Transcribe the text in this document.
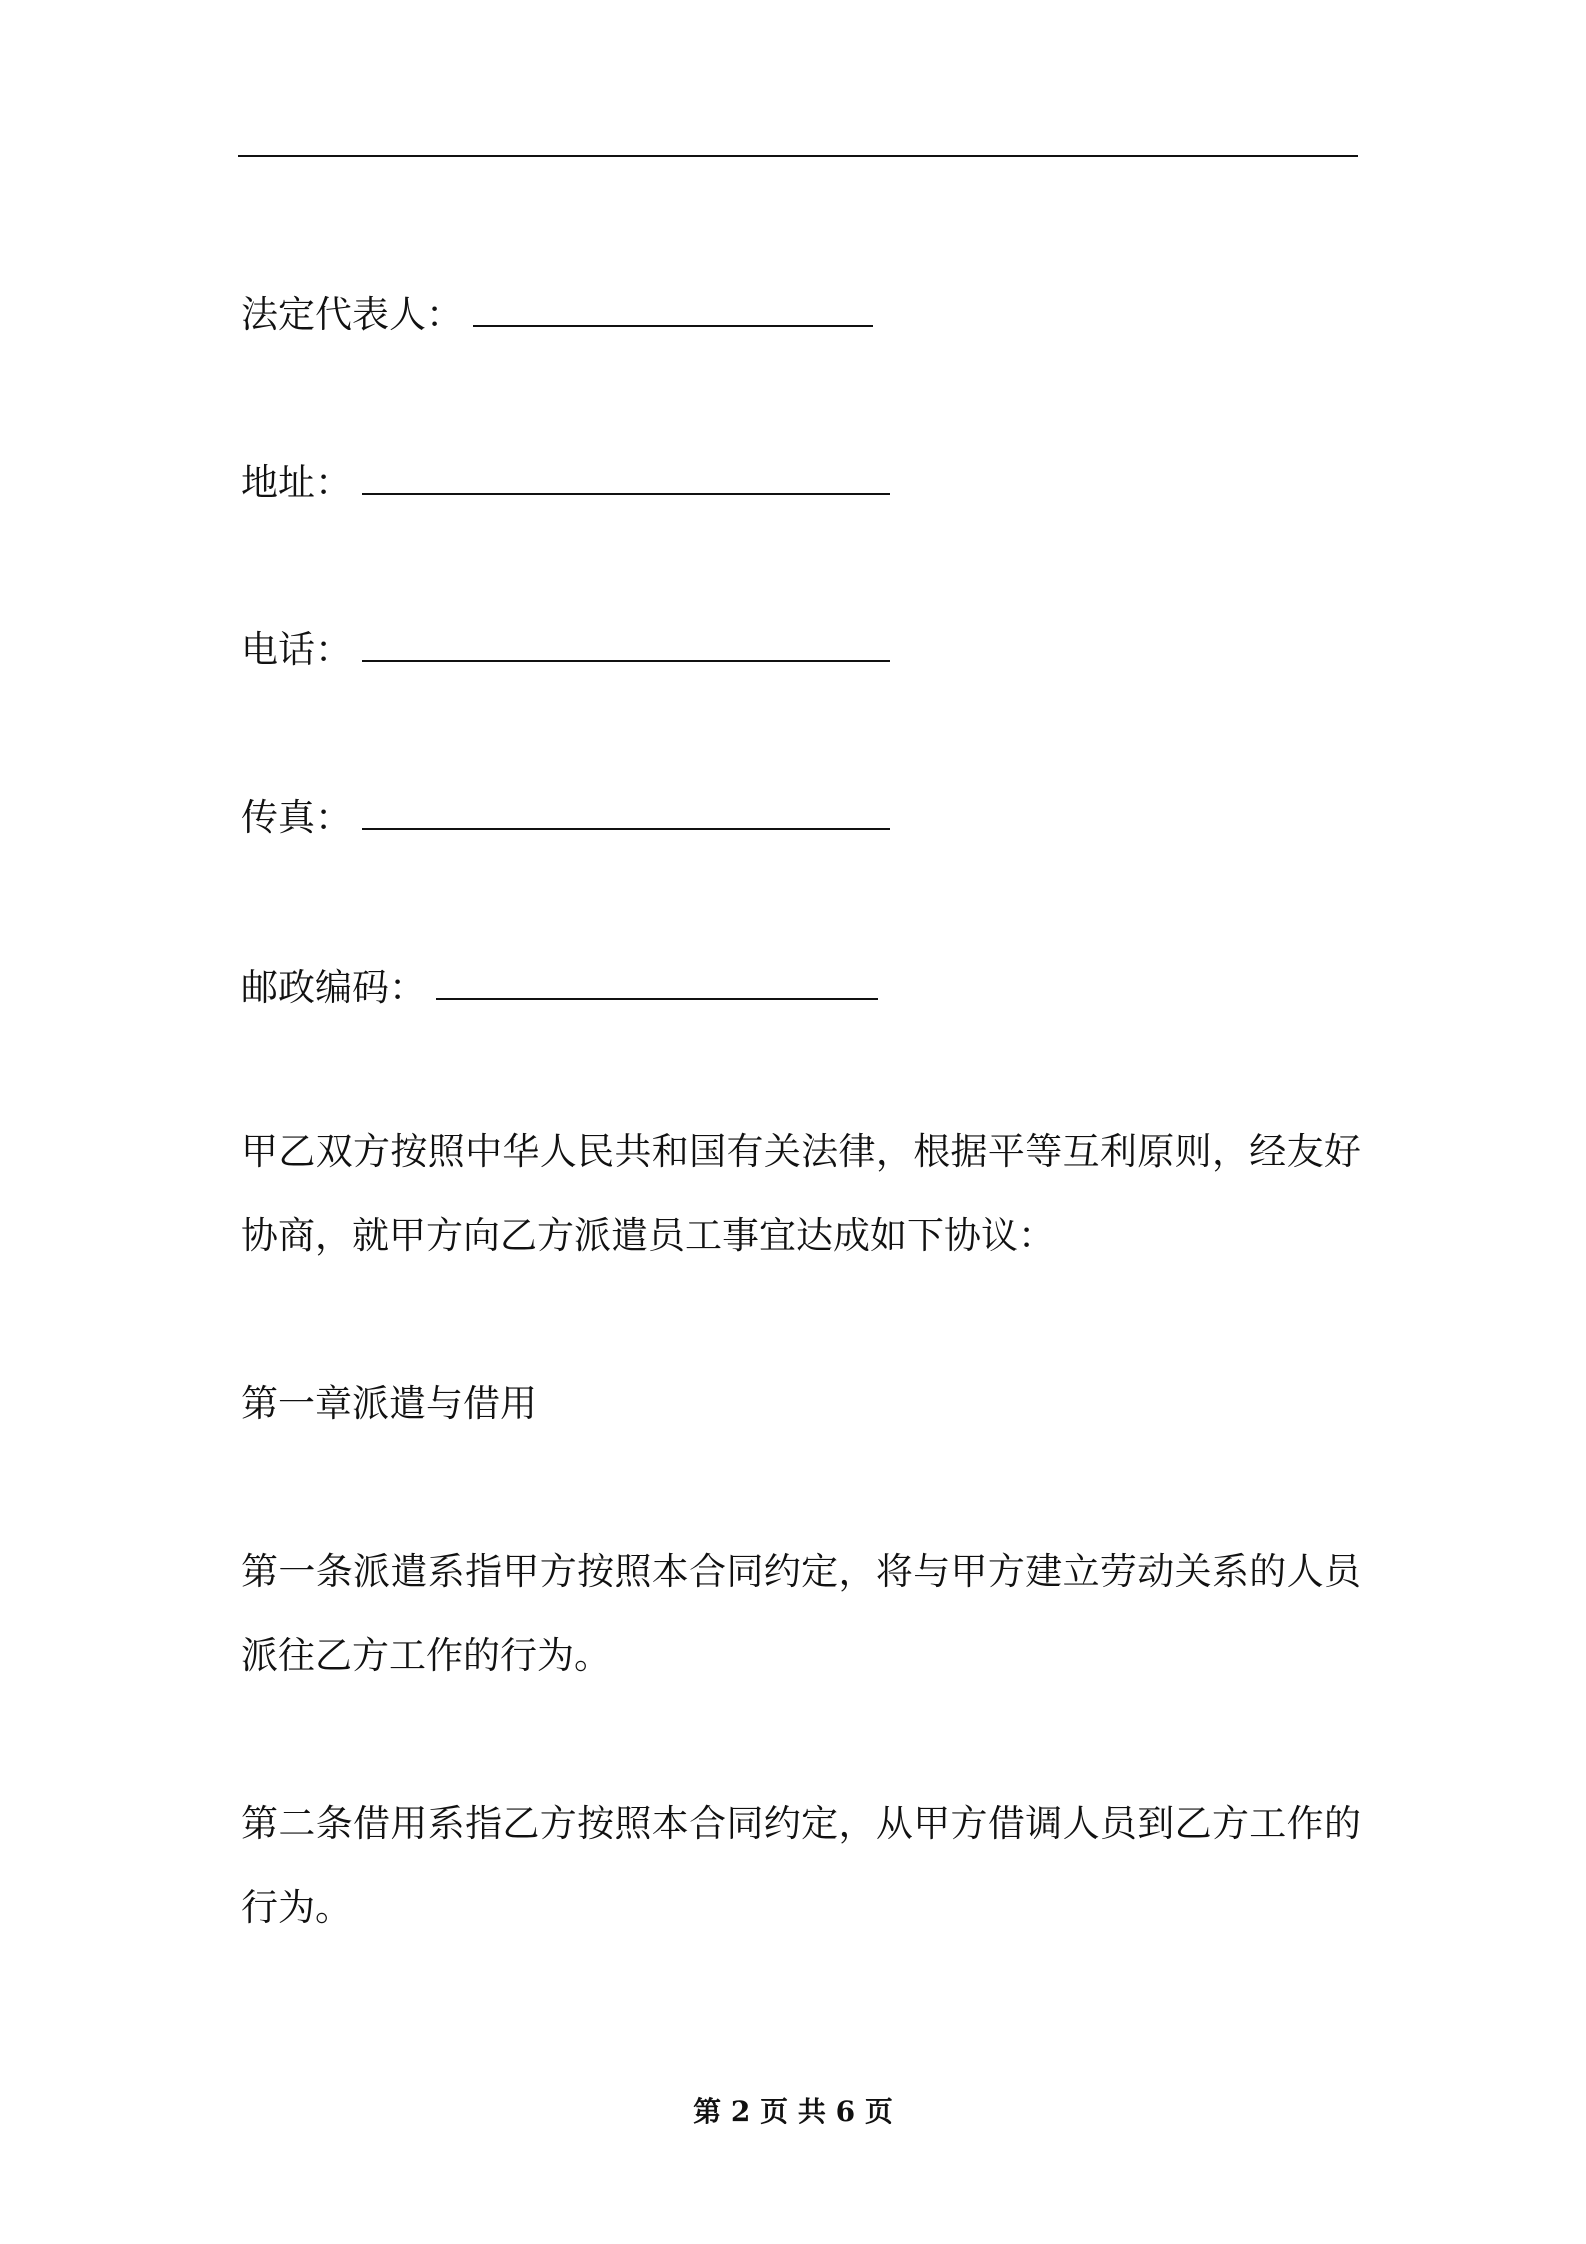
法定代表人：
地址：
电话：
传真：
邮政编码：
甲乙双方按照中华人民共和国有关法律，根据平等互利原则，经友好协商，就甲方向乙方派遣员工事宜达成如下协议：
第一章派遣与借用
第一条派遣系指甲方按照本合同约定，将与甲方建立劳动关系的人员派往乙方工作的行为。
第二条借用系指乙方按照本合同约定，从甲方借调人员到乙方工作的行为。
第 2 页 共 6 页
